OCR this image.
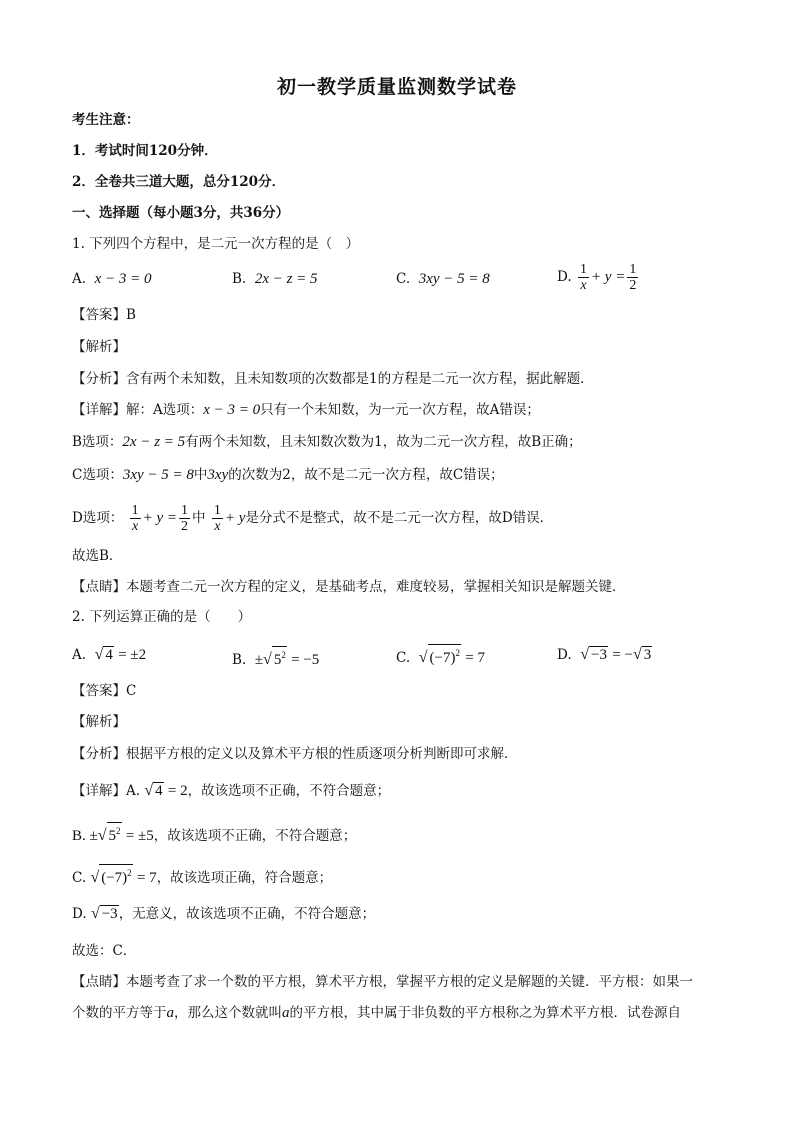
初一教学质量监测数学试卷
考生注意：
1．考试时间120分钟．
2．全卷共三道大题，总分120分．
一、选择题（每小题3分，共36分）
1. 下列四个方程中，是二元一次方程的是（　）
A. x − 3 = 0	B. 2x − z = 5	C. 3xy − 5 = 8	D. $\frac{1}{x} + y = \frac{1}{2}$
【答案】B
【解析】
【分析】含有两个未知数，且未知数项的次数都是1的方程是二元一次方程，据此解题．
【详解】解：A选项：x − 3 = 0只有一个未知数，为一元一次方程，故A错误；
B选项：2x − z = 5有两个未知数，且未知数次数为1，故为二元一次方程，故B正确；
C选项：3xy − 5 = 8中3xy的次数为2，故不是二元一次方程，故C错误；
D选项： $\frac{1}{x} + y = \frac{1}{2}$ 中 $\frac{1}{x} + y$是分式不是整式，故不是二元一次方程，故D错误．
故选B．
【点睛】本题考查二元一次方程的定义，是基础考点，难度较易，掌握相关知识是解题关键．
2. 下列运算正确的是（　　）
A. √ 4 = ±2	B. ±√ $5^2 = -5$	C. √ $(-7)^2 = 7$	D. √ −3 = −√ 3
【答案】C
【解析】
【分析】根据平方根的定义以及算术平方根的性质逐项分析判断即可求解．
【详解】A. √ 4 = 2，故该选项不正确，不符合题意；
B. ±√ $5^2 = \pm 5$，故该选项不正确，不符合题意；
C. √ $(-7)^2 = 7$，故该选项正确，符合题意；
D. √ −3，无意义，故该选项不正确，不符合题意；
故选：C．
【点睛】本题考查了求一个数的平方根，算术平方根，掌握平方根的定义是解题的关键．平方根：如果一
个数的平方等于a，那么这个数就叫a的平方根，其中属于非负数的平方根称之为算术平方根．试卷源自
